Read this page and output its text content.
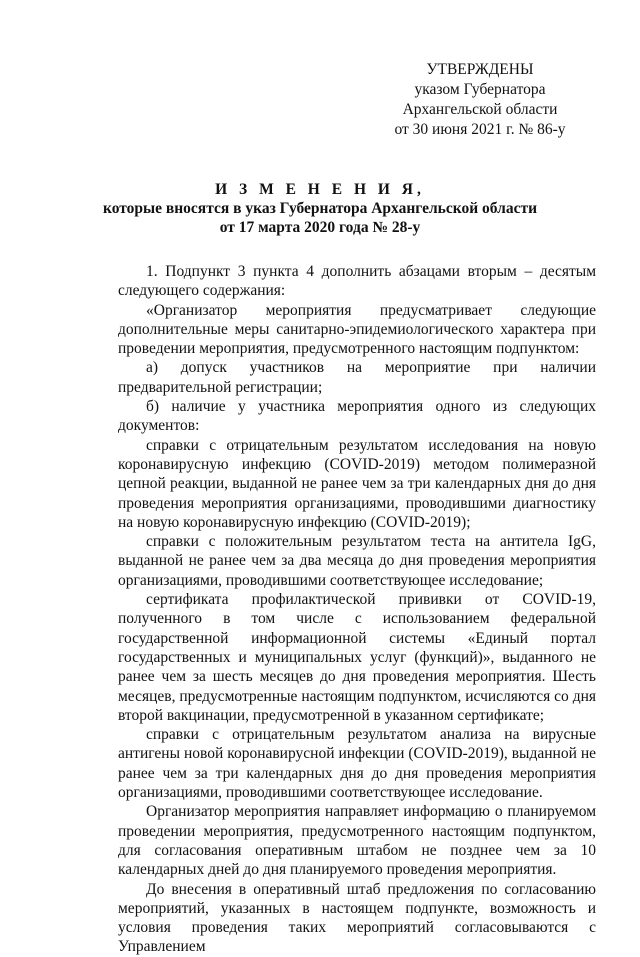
УТВЕРЖДЕНЫ
указом Губернатора
Архангельской области
от 30 июня 2021 г. № 86-у
И З М Е Н Е Н И Я,
которые вносятся в указ Губернатора Архангельской области
от 17 марта 2020 года № 28-у

1. Подпункт 3 пункта 4 дополнить абзацами вторым – десятым следующего содержания:

«Организатор мероприятия предусматривает следующие дополнительные меры санитарно-эпидемиологического характера при проведении мероприятия, предусмотренного настоящим подпунктом:

а) допуск участников на мероприятие при наличии предварительной регистрации;

б) наличие у участника мероприятия одного из следующих документов:

справки с отрицательным результатом исследования на новую коронавирусную инфекцию (COVID-2019) методом полимеразной цепной реакции, выданной не ранее чем за три календарных дня до дня проведения мероприятия организациями, проводившими диагностику на новую коронавирусную инфекцию (COVID-2019);

справки с положительным результатом теста на антитела IgG, выданной не ранее чем за два месяца до дня проведения мероприятия организациями, проводившими соответствующее исследование;

сертификата профилактической прививки от COVID-19, полученного в том числе с использованием федеральной государственной информационной системы «Единый портал государственных и муниципальных услуг (функций)», выданного не ранее чем за шесть месяцев до дня проведения мероприятия. Шесть месяцев, предусмотренные настоящим подпунктом, исчисляются со дня второй вакцинации, предусмотренной в указанном сертификате;

справки с отрицательным результатом анализа на вирусные антигены новой коронавирусной инфекции (COVID-2019), выданной не ранее чем за три календарных дня до дня проведения мероприятия организациями, проводившими соответствующее исследование.

Организатор мероприятия направляет информацию о планируемом проведении мероприятия, предусмотренного настоящим подпунктом, для согласования оперативным штабом не позднее чем за 10 календарных дней до дня планируемого проведения мероприятия.

До внесения в оперативный штаб предложения по согласованию мероприятий, указанных в настоящем подпункте, возможность и условия проведения таких мероприятий согласовываются с Управлением
